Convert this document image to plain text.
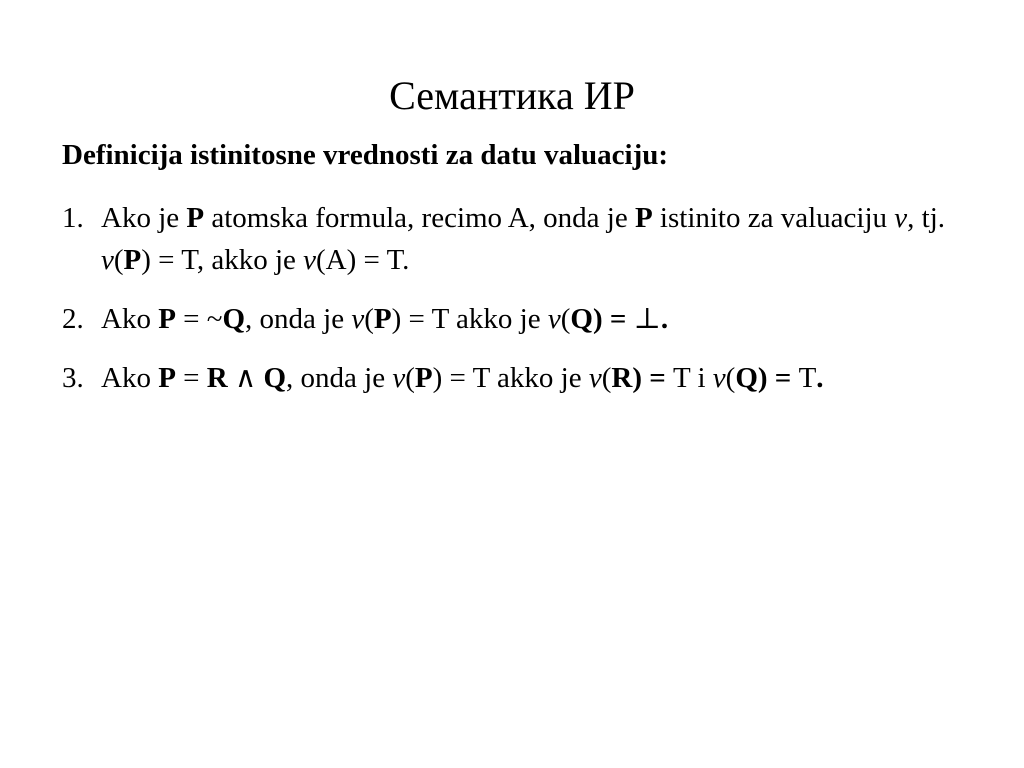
Семантика ИР

Definicija istinitosne vrednosti za datu valuaciju:

1. Ako je P atomska formula, recimo A, onda je P istinito za valuaciju v, tj. v(P) = T, akko je v(A) = T.
2. Ako P = ~Q, onda je v(P) = T akko je v(Q) = ⊥.
3. Ako P = R ∧ Q, onda je v(P) = T akko je v(R) = T i v(Q) = T.
